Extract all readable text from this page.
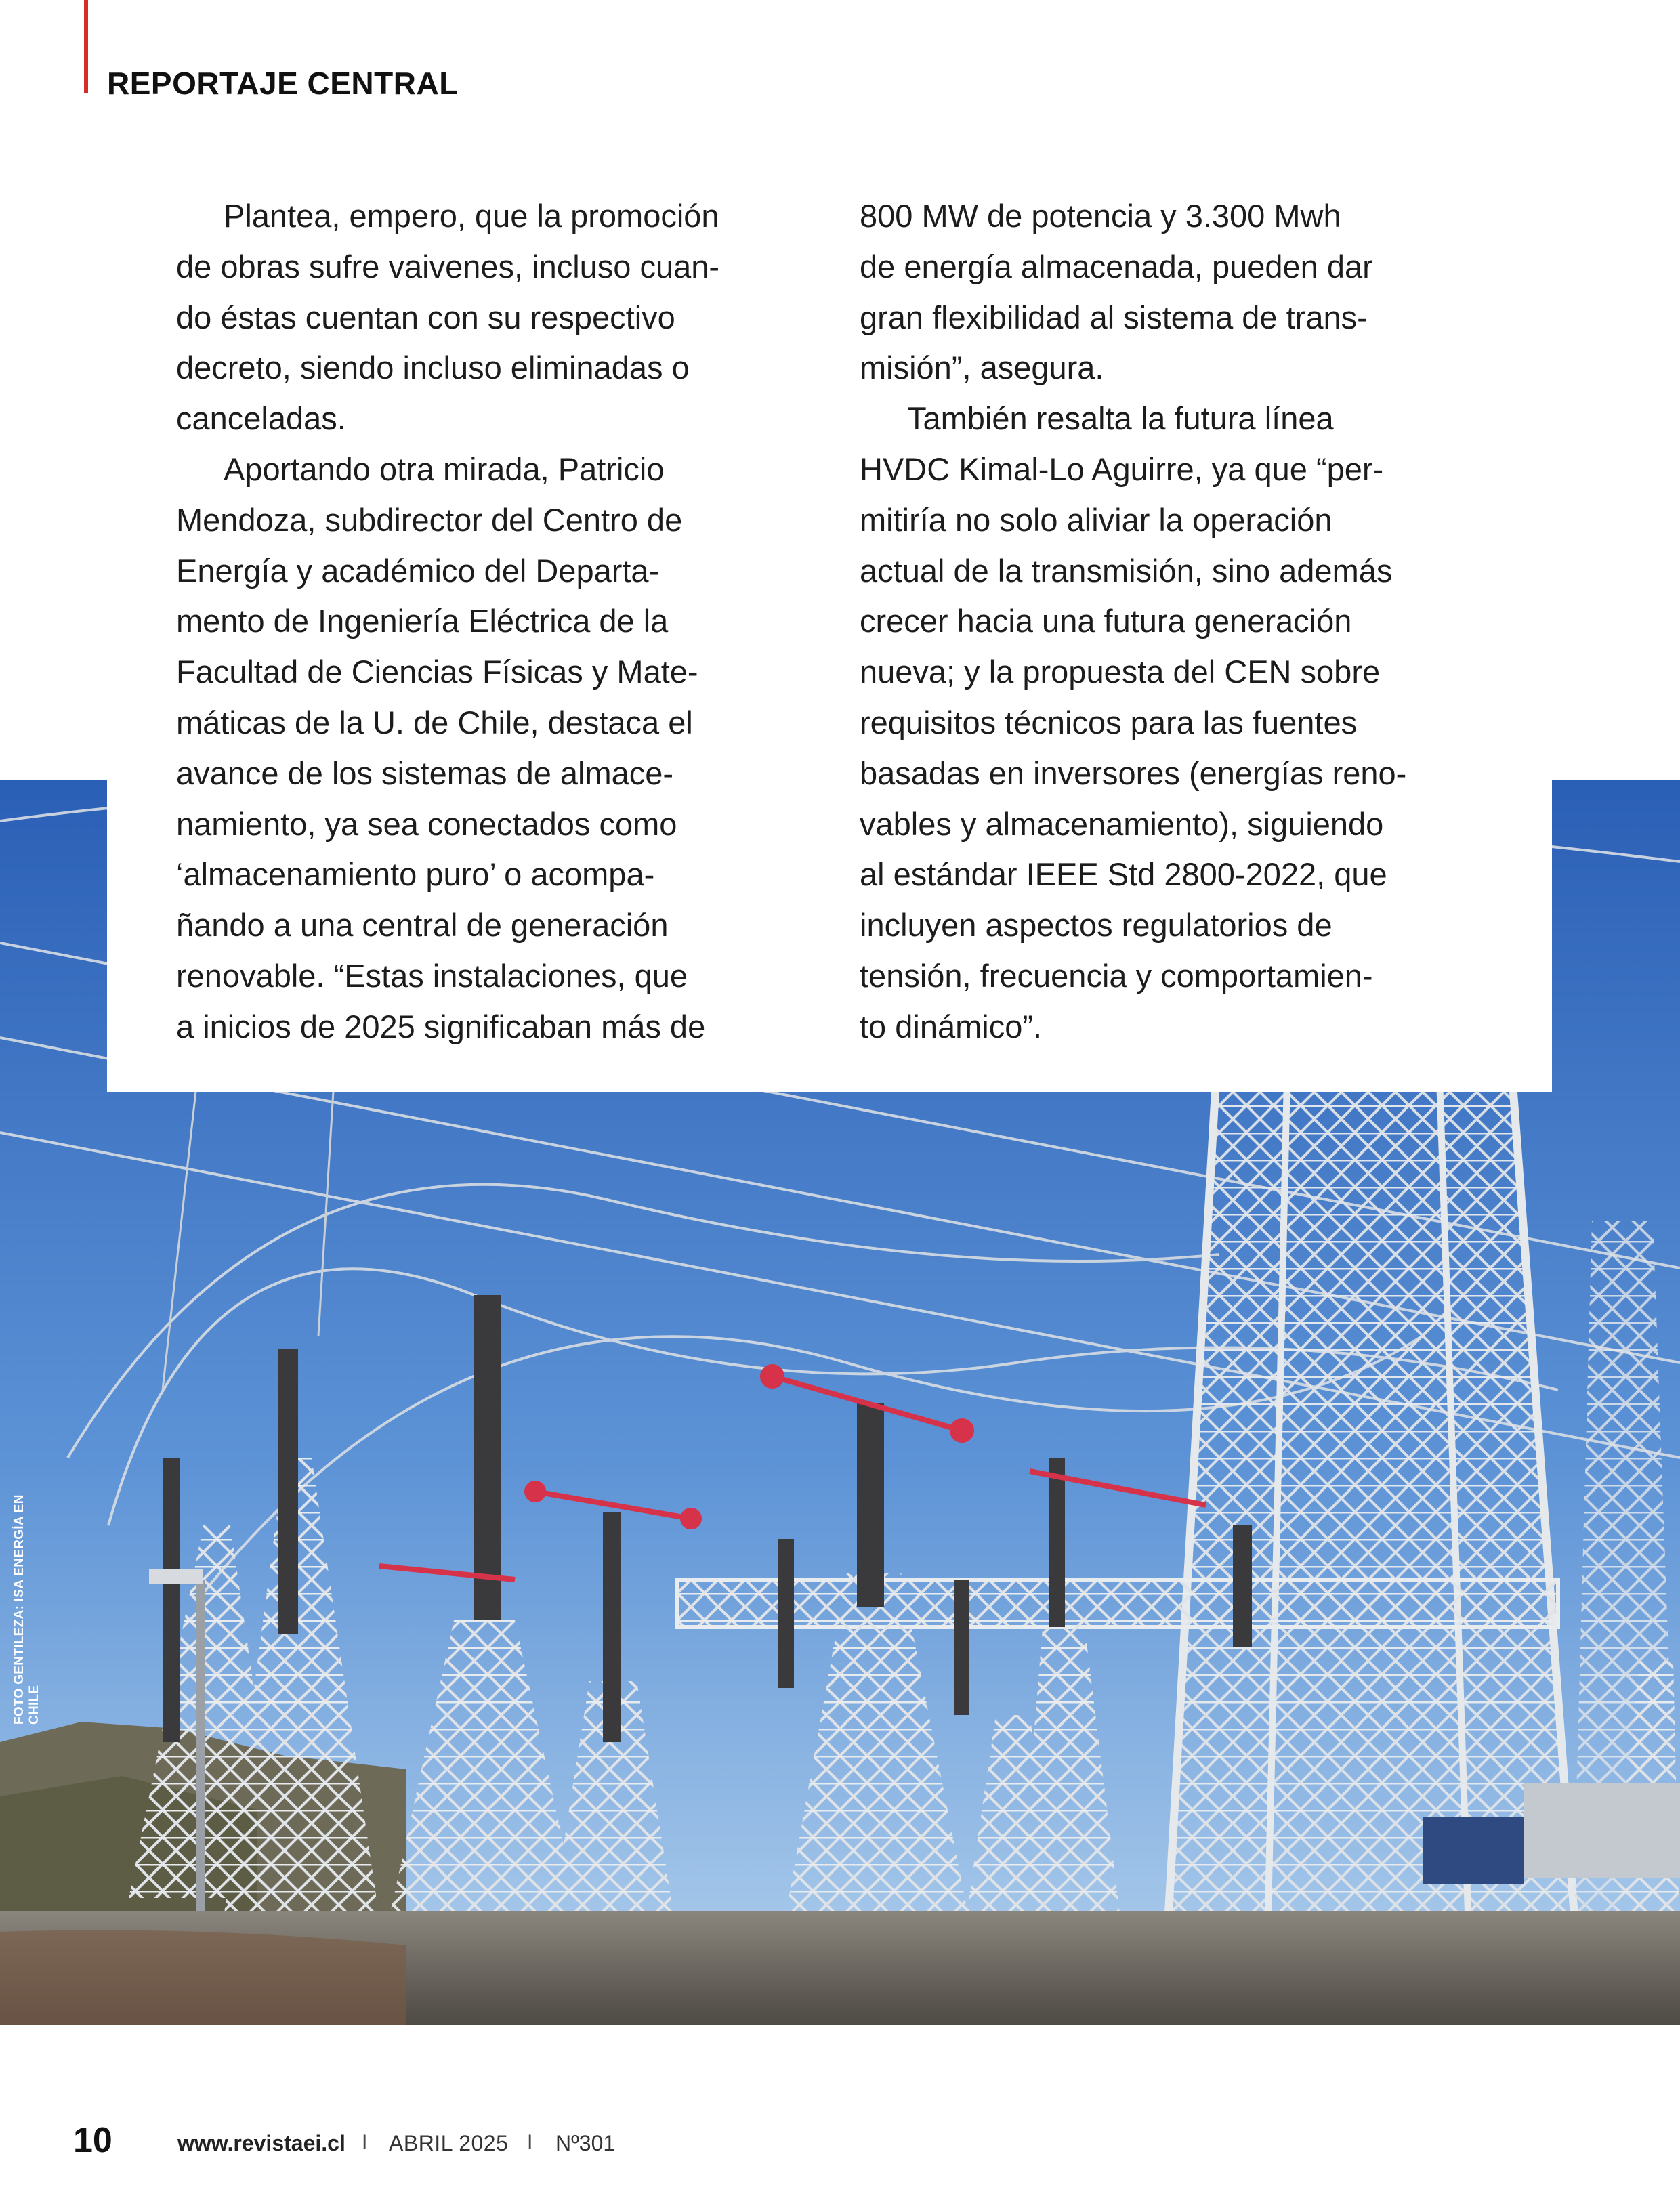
REPORTAJE CENTRAL
FOTO GENTILEZA: ISA ENERGÍA EN CHILE

Plantea, empero, que la promoción
de obras sufre vaivenes, incluso cuan-
do éstas cuentan con su respectivo
decreto, siendo incluso eliminadas o
canceladas.

Aportando otra mirada, Patricio
Mendoza, subdirector del Centro de
Energía y académico del Departa-
mento de Ingeniería Eléctrica de la
Facultad de Ciencias Físicas y Mate-
máticas de la U. de Chile, destaca el
avance de los sistemas de almace-
namiento, ya sea conectados como
‘almacenamiento puro’ o acompa-
ñando a una central de generación
renovable. “Estas instalaciones, que
a inicios de 2025 significaban más de

800 MW de potencia y 3.300 Mwh
de energía almacenada, pueden dar
gran flexibilidad al sistema de trans-
misión”, asegura.

También resalta la futura línea
HVDC Kimal-Lo Aguirre, ya que “per-
mitiría no solo aliviar la operación
actual de la transmisión, sino además
crecer hacia una futura generación
nueva; y la propuesta del CEN sobre
requisitos técnicos para las fuentes
basadas en inversores (energías reno-
vables y almacenamiento), siguiendo
al estándar IEEE Std 2800-2022, que
incluyen aspectos regulatorios de
tensión, frecuencia y comportamien-
to dinámico”.

10	www.revistaei.cl I ABRIL 2025 I Nº301
